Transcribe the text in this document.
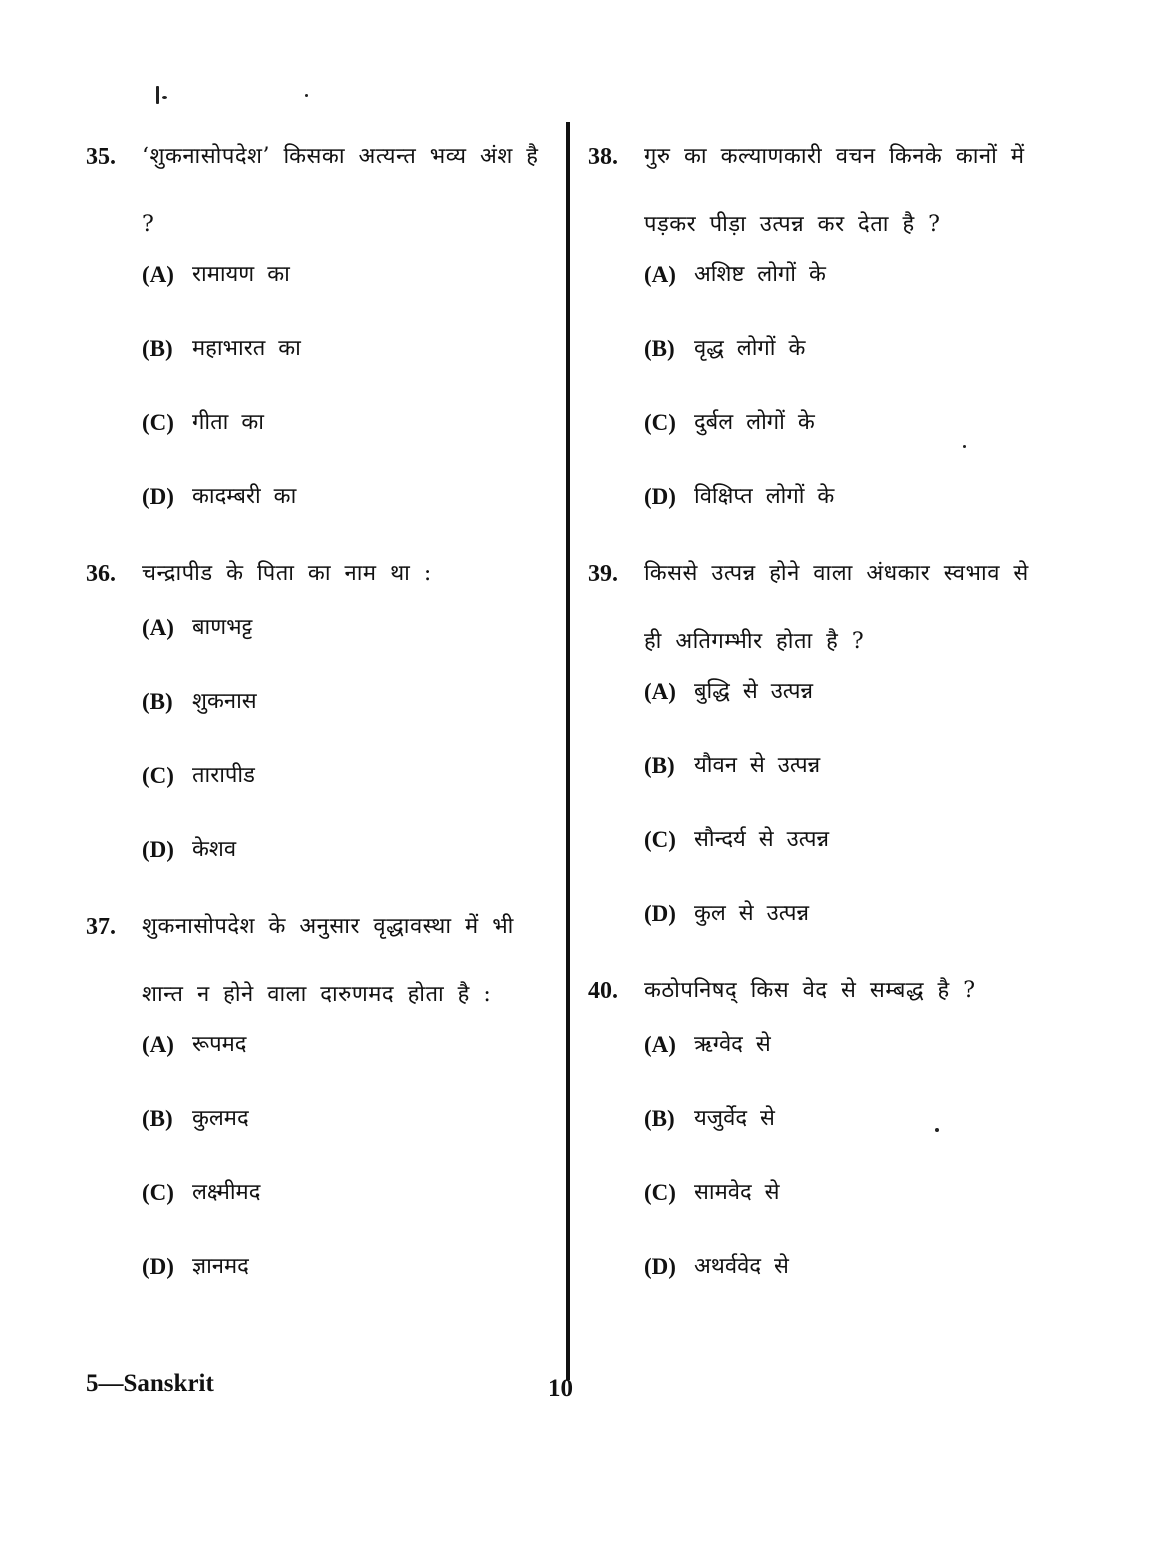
35.	‘शुकनासोपदेश’ किसका अत्यन्त भव्य अंश है ?
(A) रामायण का
(B) महाभारत का
(C) गीता का
(D) कादम्बरी का
36.	चन्द्रापीड के पिता का नाम था :
(A) बाणभट्ट
(B) शुकनास
(C) तारापीड
(D) केशव
37.	शुकनासोपदेश के अनुसार वृद्धावस्था में भी शान्त न होने वाला दारुणमद होता है :
(A) रूपमद
(B) कुलमद
(C) लक्ष्मीमद
(D) ज्ञानमद
38.	गुरु का कल्याणकारी वचन किनके कानों में पड़कर पीड़ा उत्पन्न कर देता है ?
(A) अशिष्ट लोगों के
(B) वृद्ध लोगों के
(C) दुर्बल लोगों के
(D) विक्षिप्त लोगों के
39.	किससे उत्पन्न होने वाला अंधकार स्वभाव से ही अतिगम्भीर होता है ?
(A) बुद्धि से उत्पन्न
(B) यौवन से उत्पन्न
(C) सौन्दर्य से उत्पन्न
(D) कुल से उत्पन्न
40.	कठोपनिषद् किस वेद से सम्बद्ध है ?
(A) ऋग्वेद से
(B) यजुर्वेद से
(C) सामवेद से
(D) अथर्ववेद से
5—Sanskrit	10
